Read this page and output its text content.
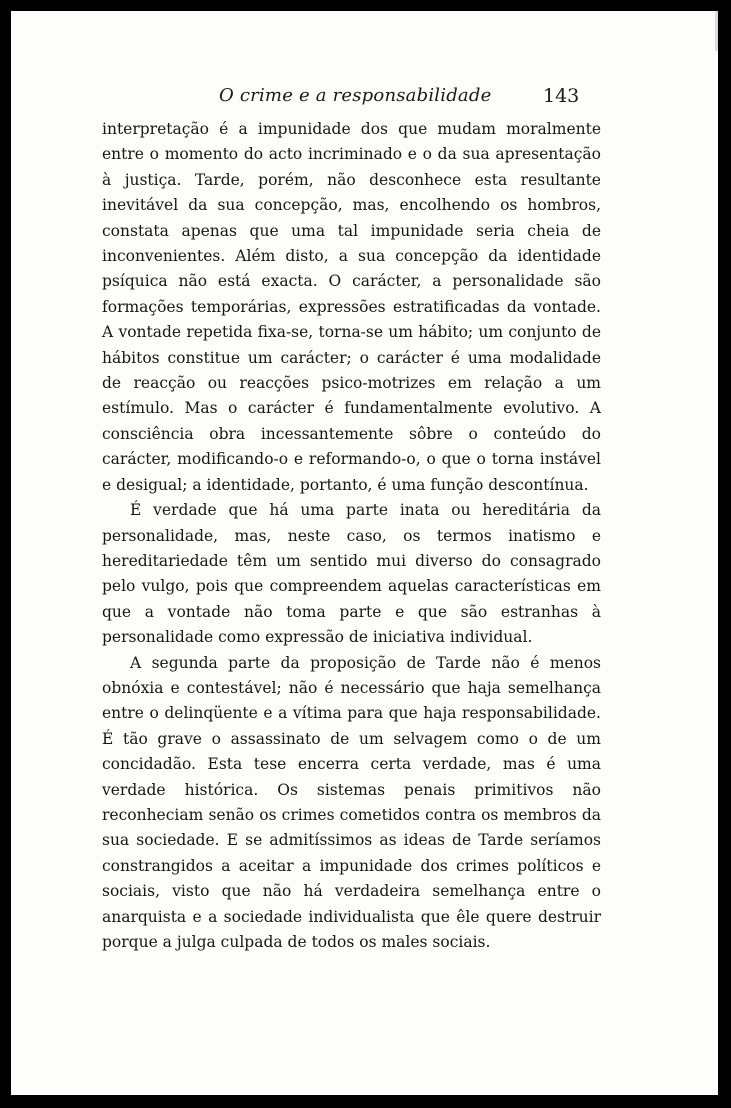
O crime e a responsabilidade	143

interpretação é a impunidade dos que mudam moralmente entre o momento do acto incriminado e o da sua apresentação à justiça. Tarde, porém, não desconhece esta resultante inevitável da sua concepção, mas, encolhendo os hombros, constata apenas que uma tal impunidade seria cheia de inconvenientes. Além disto, a sua concepção da identidade psíquica não está exacta. O carácter, a personalidade são formações temporárias, expressões estratificadas da vontade. A vontade repetida fixa-se, torna-se um hábito; um conjunto de hábitos constitue um carácter; o carácter é uma modalidade de reacção ou reacções psico-motrizes em relação a um estímulo. Mas o carácter é fundamentalmente evolutivo. A consciência obra incessantemente sôbre o conteúdo do carácter, modificando-o e reformando-o, o que o torna instável e desigual; a identidade, portanto, é uma função descontínua.

É verdade que há uma parte inata ou hereditária da personalidade, mas, neste caso, os termos inatismo e hereditariedade têm um sentido mui diverso do consagrado pelo vulgo, pois que compreendem aquelas características em que a vontade não toma parte e que são estranhas à personalidade como expressão de iniciativa individual.

A segunda parte da proposição de Tarde não é menos obnóxia e contestável; não é necessário que haja semelhança entre o delinqüente e a vítima para que haja responsabilidade. É tão grave o assassinato de um selvagem como o de um concidadão. Esta tese encerra certa verdade, mas é uma verdade histórica. Os sistemas penais primitivos não reconheciam senão os crimes cometidos contra os membros da sua sociedade. E se admitíssimos as ideas de Tarde seríamos constrangidos a aceitar a impunidade dos crimes políticos e sociais, visto que não há verdadeira semelhança entre o anarquista e a sociedade individualista que êle quere destruir porque a julga culpada de todos os males sociais.
